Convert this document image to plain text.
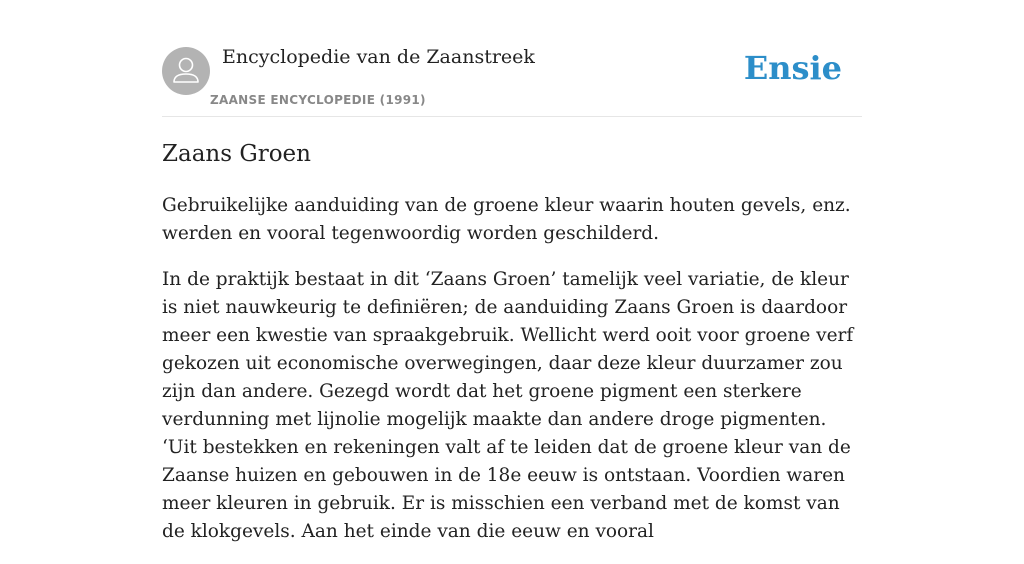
Encyclopedie van de Zaanstreek
ZAANSE ENCYCLOPEDIE (1991)
Ensie
Zaans Groen

Gebruikelijke aanduiding van de groene kleur waarin houten gevels, enz. werden en vooral tegenwoordig worden geschilderd.

In de praktijk bestaat in dit ‘Zaans Groen’ tamelijk veel variatie, de kleur is niet nauwkeurig te definiëren; de aanduiding Zaans Groen is daardoor meer een kwestie van spraakgebruik. Wellicht werd ooit voor groene verf gekozen uit economische overwegingen, daar deze kleur duurzamer zou zijn dan andere. Gezegd wordt dat het groene pigment een sterkere verdunning met lijnolie mogelijk maakte dan andere droge pigmenten. ‘Uit bestekken en rekeningen valt af te leiden dat de groene kleur van de Zaanse huizen en gebouwen in de 18e eeuw is ontstaan. Voordien waren meer kleuren in gebruik. Er is misschien een verband met de komst van de klokgevels. Aan het einde van die eeuw en vooral
